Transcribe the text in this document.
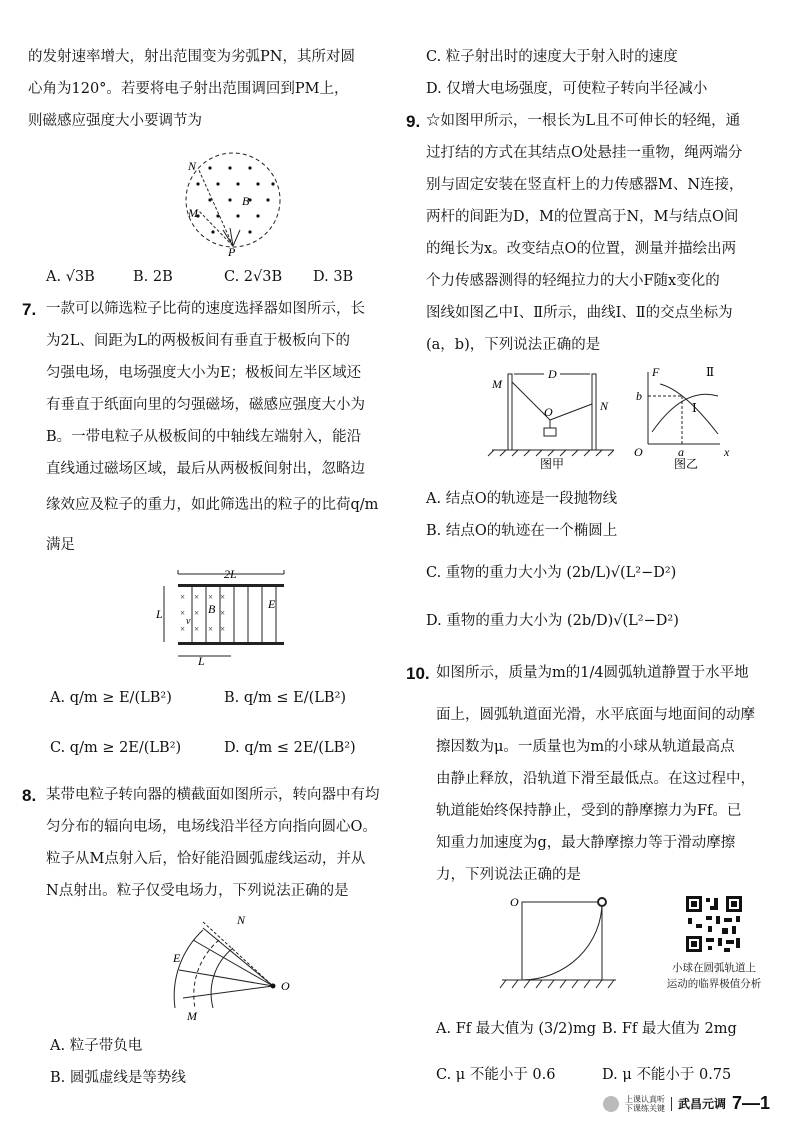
的发射速率增大，射出范围变为劣弧PN，其所对圆
心角为120°。若要将电子射出范围调回到PM上，
则磁感应强度大小要调节为
N
M
B
P
A. √3B	B. 2B	C. 2√3B D. 3B
7. 一款可以筛选粒子比荷的速度选择器如图所示，长
为2L、间距为L的两极板间有垂直于极板向下的
匀强电场，电场强度大小为E；极板间左半区域还
有垂直于纸面向里的匀强磁场，磁感应强度大小为
B。一带电粒子从极板间的中轴线左端射入，能沿
直线通过磁场区域，最后从两极板间射出，忽略边
缘效应及粒子的重力，如此筛选出的粒子的比荷q/m
满足
2L
× × × ×
× × ×
× × × ×
B	E
v
L
L
A. q/m ≥ E/(LB²)	B. q/m ≤ E/(LB²)
C. q/m ≥ 2E/(LB²)	D. q/m ≤ 2E/(LB²)
8. 某带电粒子转向器的横截面如图所示，转向器中有均
匀分布的辐向电场，电场线沿半径方向指向圆心O。
粒子从M点射入后，恰好能沿圆弧虚线运动，并从
N点射出。粒子仅受电场力，下列说法正确的是
N
E
O
M
A. 粒子带负电
B. 圆弧虚线是等势线
C. 粒子射出时的速度大于射入时的速度
D. 仅增大电场强度，可使粒子转向半径减小
9. ☆如图甲所示，一根长为L且不可伸长的轻绳，通
过打结的方式在其结点O处悬挂一重物，绳两端分
别与固定安装在竖直杆上的力传感器M、N连接，
两杆的间距为D，M的位置高于N，M与结点O间
的绳长为x。改变结点O的位置，测量并描绘出两
个力传感器测得的轻绳拉力的大小F随x变化的
图线如图乙中Ⅰ、Ⅱ所示，曲线Ⅰ、Ⅱ的交点坐标为
(a，b)，下列说法正确的是
M
D
N
O
图甲
F
b
a	x
O
Ⅱ
Ⅰ
图乙
A. 结点O的轨迹是一段抛物线
B. 结点O的轨迹在一个椭圆上
C. 重物的重力大小为 (2b/L)√(L²−D²)
D. 重物的重力大小为 (2b/D)√(L²−D²)
10. 如图所示，质量为m的1/4圆弧轨道静置于水平地
面上，圆弧轨道面光滑，水平底面与地面间的动摩
擦因数为μ。一质量也为m的小球从轨道最高点
由静止释放，沿轨道下滑至最低点。在这过程中，
轨道能始终保持静止，受到的静摩擦力为Ff。已
知重力加速度为g，最大静摩擦力等于滑动摩擦
力，下列说法正确的是
O
小球在圆弧轨道上
运动的临界极值分析
A. Ff 最大值为 (3/2)mg B. Ff 最大值为 2mg
C. μ 不能小于 0.6	D. μ 不能小于 0.75
上课认真听
下课练关键 武昌元调 7—1
